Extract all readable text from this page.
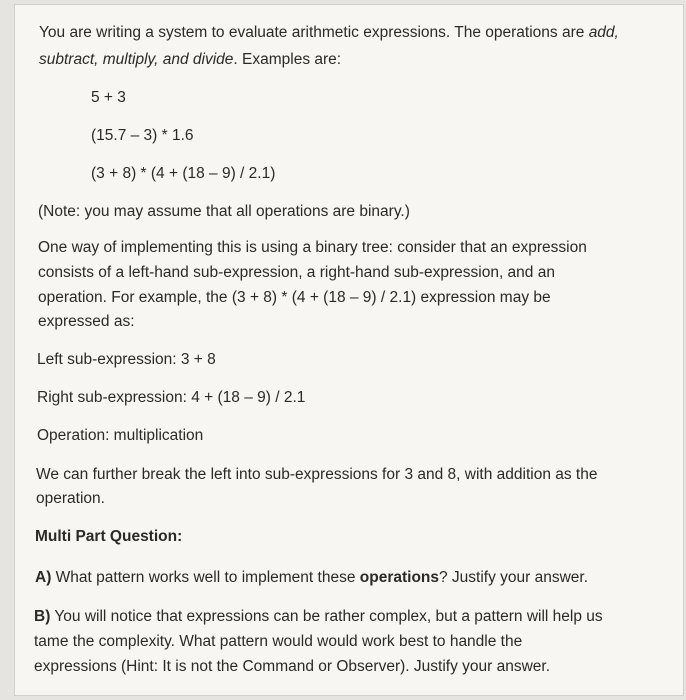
You are writing a system to evaluate arithmetic expressions. The operations are add,
subtract, multiply, and divide. Examples are:
5 + 3
(15.7 – 3) * 1.6
(3 + 8) * (4 + (18 – 9) / 2.1)
(Note: you may assume that all operations are binary.)
One way of implementing this is using a binary tree: consider that an expression
consists of a left-hand sub-expression, a right-hand sub-expression, and an
operation. For example, the (3 + 8) * (4 + (18 – 9) / 2.1) expression may be
expressed as:
Left sub-expression: 3 + 8
Right sub-expression: 4 + (18 – 9) / 2.1
Operation: multiplication
We can further break the left into sub-expressions for 3 and 8, with addition as the
operation.
Multi Part Question:
A) What pattern works well to implement these operations? Justify your answer.
B) You will notice that expressions can be rather complex, but a pattern will help us
tame the complexity. What pattern would would work best to handle the
expressions (Hint: It is not the Command or Observer). Justify your answer.
